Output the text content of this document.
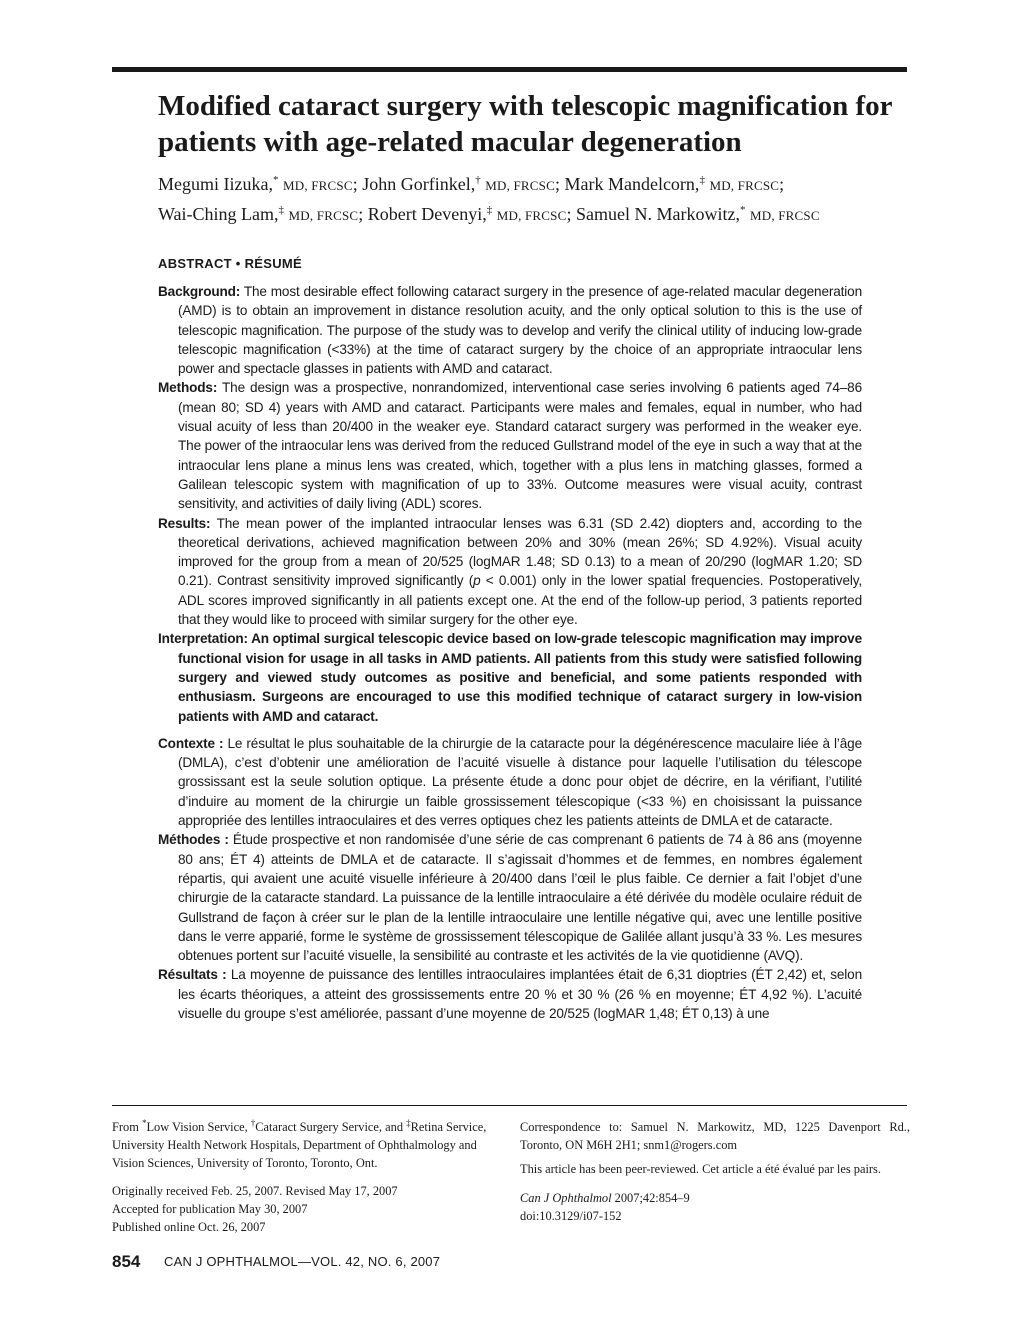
Modified cataract surgery with telescopic magnification for patients with age-related macular degeneration
Megumi Iizuka,* MD, FRCSC; John Gorfinkel,† MD, FRCSC; Mark Mandelcorn,‡ MD, FRCSC;
Wai-Ching Lam,‡ MD, FRCSC; Robert Devenyi,‡ MD, FRCSC; Samuel N. Markowitz,* MD, FRCSC
ABSTRACT • RÉSUMÉ

Background: The most desirable effect following cataract surgery in the presence of age-related macular degeneration (AMD) is to obtain an improvement in distance resolution acuity, and the only optical solution to this is the use of telescopic magnification. The purpose of the study was to develop and verify the clinical utility of inducing low-grade telescopic magnification (<33%) at the time of cataract surgery by the choice of an appropriate intraocular lens power and spectacle glasses in patients with AMD and cataract.

Methods: The design was a prospective, nonrandomized, interventional case series involving 6 patients aged 74–86 (mean 80; SD 4) years with AMD and cataract. Participants were males and females, equal in number, who had visual acuity of less than 20/400 in the weaker eye. Standard cataract surgery was performed in the weaker eye. The power of the intraocular lens was derived from the reduced Gullstrand model of the eye in such a way that at the intraocular lens plane a minus lens was created, which, together with a plus lens in matching glasses, formed a Galilean telescopic system with magnification of up to 33%. Outcome measures were visual acuity, contrast sensitivity, and activities of daily living (ADL) scores.

Results: The mean power of the implanted intraocular lenses was 6.31 (SD 2.42) diopters and, according to the theoretical derivations, achieved magnification between 20% and 30% (mean 26%; SD 4.92%). Visual acuity improved for the group from a mean of 20/525 (logMAR 1.48; SD 0.13) to a mean of 20/290 (logMAR 1.20; SD 0.21). Contrast sensitivity improved significantly (p < 0.001) only in the lower spatial frequencies. Postoperatively, ADL scores improved significantly in all patients except one. At the end of the follow-up period, 3 patients reported that they would like to proceed with similar surgery for the other eye.

Interpretation: An optimal surgical telescopic device based on low-grade telescopic magnification may improve functional vision for usage in all tasks in AMD patients. All patients from this study were satisfied following surgery and viewed study outcomes as positive and beneficial, and some patients responded with enthusiasm. Surgeons are encouraged to use this modified technique of cataract surgery in low-vision patients with AMD and cataract.

Contexte : Le résultat le plus souhaitable de la chirurgie de la cataracte pour la dégénérescence maculaire liée à l’âge (DMLA), c’est d’obtenir une amélioration de l’acuité visuelle à distance pour laquelle l’utilisation du télescope grossissant est la seule solution optique. La présente étude a donc pour objet de décrire, en la vérifiant, l’utilité d’induire au moment de la chirurgie un faible grossissement télescopique (<33 %) en choisissant la puissance appropriée des lentilles intraoculaires et des verres optiques chez les patients atteints de DMLA et de cataracte.

Méthodes : Étude prospective et non randomisée d’une série de cas comprenant 6 patients de 74 à 86 ans (moyenne 80 ans; ÉT 4) atteints de DMLA et de cataracte. Il s’agissait d’hommes et de femmes, en nombres également répartis, qui avaient une acuité visuelle inférieure à 20/400 dans l’œil le plus faible. Ce dernier a fait l’objet d’une chirurgie de la cataracte standard. La puissance de la lentille intraoculaire a été dérivée du modèle oculaire réduit de Gullstrand de façon à créer sur le plan de la lentille intraoculaire une lentille négative qui, avec une lentille positive dans le verre apparié, forme le système de grossissement télescopique de Galilée allant jusqu’à 33 %. Les mesures obtenues portent sur l’acuité visuelle, la sensibilité au contraste et les activités de la vie quotidienne (AVQ).

Résultats : La moyenne de puissance des lentilles intraoculaires implantées était de 6,31 dioptries (ÉT 2,42) et, selon les écarts théoriques, a atteint des grossissements entre 20 % et 30 % (26 % en moyenne; ÉT 4,92 %). L’acuité visuelle du groupe s’est améliorée, passant d’une moyenne de 20/525 (logMAR 1,48; ÉT 0,13) à une

From *Low Vision Service, †Cataract Surgery Service, and ‡Retina Service, University Health Network Hospitals, Department of Ophthalmology and Vision Sciences, University of Toronto, Toronto, Ont.
Originally received Feb. 25, 2007. Revised May 17, 2007
Accepted for publication May 30, 2007
Published online Oct. 26, 2007
Correspondence to: Samuel N. Markowitz, MD, 1225 Davenport Rd., Toronto, ON M6H 2H1; snm1@rogers.com
This article has been peer-reviewed. Cet article a été évalué par les pairs.
Can J Ophthalmol 2007;42:854–9
doi:10.3129/i07-152
854 CAN J OPHTHALMOL—VOL. 42, NO. 6, 2007
